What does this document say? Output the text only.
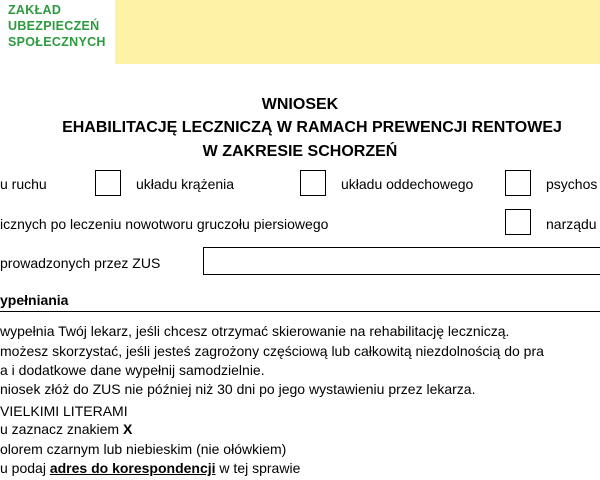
ZAKŁAD
UBEZPIECZEŃ
SPOŁECZNYCH
WNIOSEK
EHABILITACJĘ LECZNICZĄ W RAMACH PREWENCJI RENTOWEJ
W ZAKRESIE SCHORZEŃ
u ruchu	układu krążenia	układu oddechowego	psychos
icznych po leczeniu nowotworu gruczołu piersiowego	narządu
prowadzonych przez ZUS
ypełniania
wypełnia Twój lekarz, jeśli chcesz otrzymać skierowanie na rehabilitację leczniczą.
możesz skorzystać, jeśli jesteś zagrożony częściową lub całkowitą niezdolnością do pra
a i dodatkowe dane wypełnij samodzielnie.
niosek złóż do ZUS nie później niż 30 dni po jego wystawieniu przez lekarza.
VIELKIMI LITERAMI
u zaznacz znakiem X
olorem czarnym lub niebieskim (nie ołówkiem)
u podaj adres do korespondencji w tej sprawie
